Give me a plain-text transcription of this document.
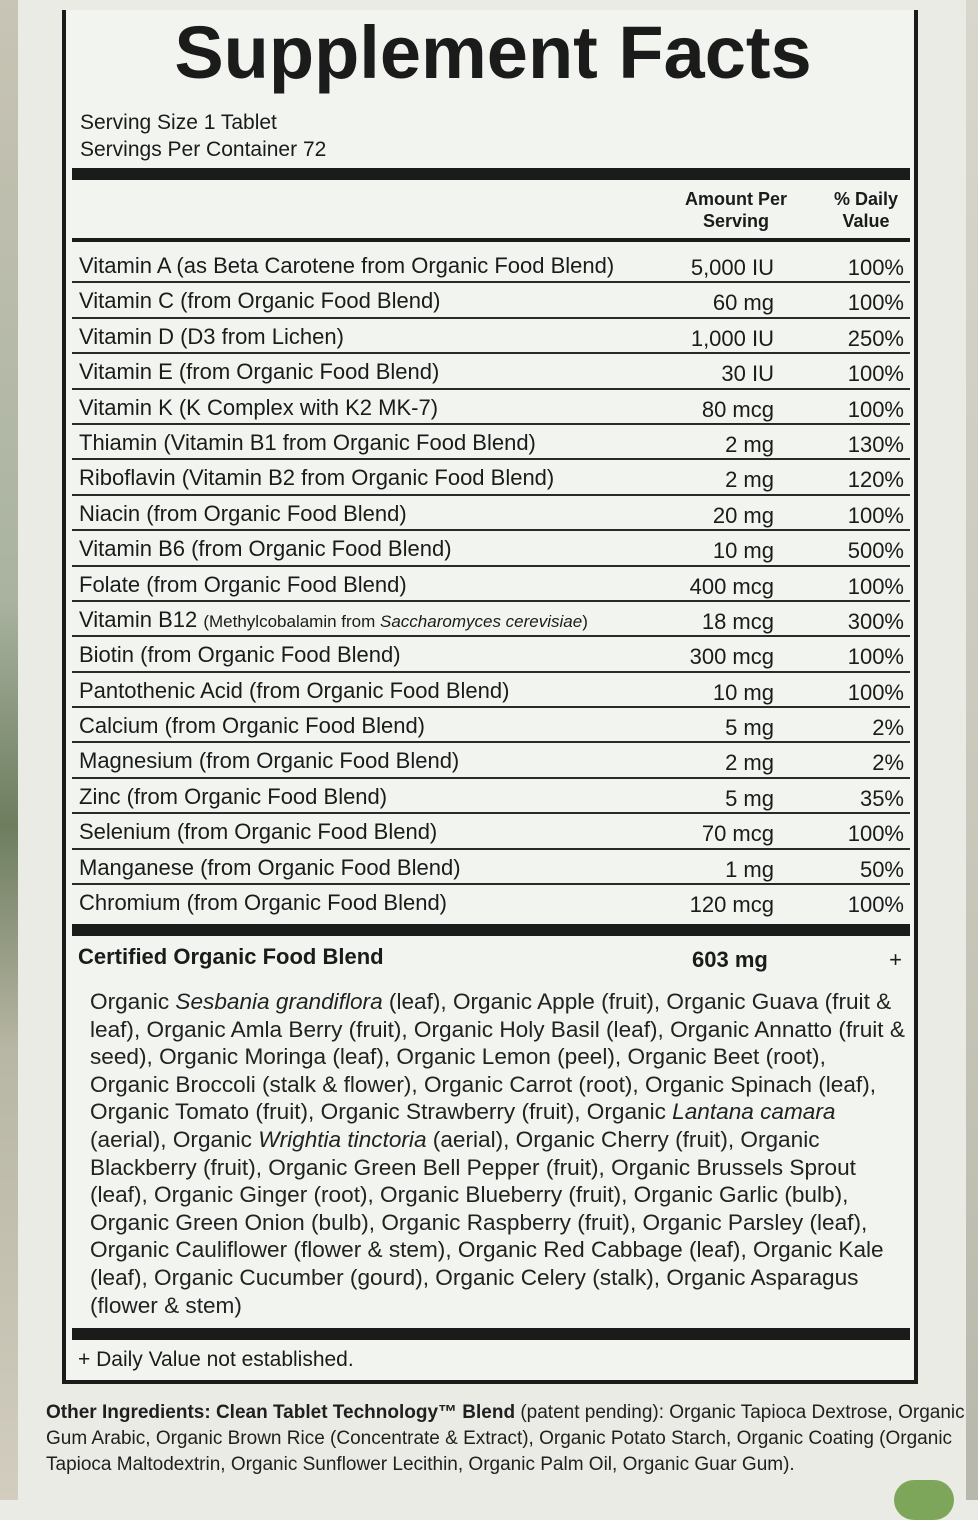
Supplement Facts
Serving Size 1 Tablet
Servings Per Container 72
Amount Per Serving
% Daily Value
Vitamin A (as Beta Carotene from Organic Food Blend)	5,000 IU	100%
Vitamin C (from Organic Food Blend)	60 mg	100%
Vitamin D (D3 from Lichen)	1,000 IU	250%
Vitamin E (from Organic Food Blend)	30 IU	100%
Vitamin K (K Complex with K2 MK-7)	80 mcg	100%
Thiamin (Vitamin B1 from Organic Food Blend)	2 mg	130%
Riboflavin (Vitamin B2 from Organic Food Blend)	2 mg	120%
Niacin (from Organic Food Blend)	20 mg	100%
Vitamin B6 (from Organic Food Blend)	10 mg	500%
Folate (from Organic Food Blend)	400 mcg	100%
Vitamin B12 (Methylcobalamin from Saccharomyces cerevisiae)	18 mcg	300%
Biotin (from Organic Food Blend)	300 mcg	100%
Pantothenic Acid (from Organic Food Blend)	10 mg	100%
Calcium (from Organic Food Blend)	5 mg	2%
Magnesium (from Organic Food Blend)	2 mg	2%
Zinc (from Organic Food Blend)	5 mg	35%
Selenium (from Organic Food Blend)	70 mcg	100%
Manganese (from Organic Food Blend)	1 mg	50%
Chromium (from Organic Food Blend)	120 mcg	100%
Certified Organic Food Blend	603 mg	+
Organic Sesbania grandiflora (leaf), Organic Apple (fruit), Organic Guava (fruit & leaf), Organic Amla Berry (fruit), Organic Holy Basil (leaf), Organic Annatto (fruit & seed), Organic Moringa (leaf), Organic Lemon (peel), Organic Beet (root), Organic Broccoli (stalk & flower), Organic Carrot (root), Organic Spinach (leaf), Organic Tomato (fruit), Organic Strawberry (fruit), Organic Lantana camara (aerial), Organic Wrightia tinctoria (aerial), Organic Cherry (fruit), Organic Blackberry (fruit), Organic Green Bell Pepper (fruit), Organic Brussels Sprout (leaf), Organic Ginger (root), Organic Blueberry (fruit), Organic Garlic (bulb), Organic Green Onion (bulb), Organic Raspberry (fruit), Organic Parsley (leaf), Organic Cauliflower (flower & stem), Organic Red Cabbage (leaf), Organic Kale (leaf), Organic Cucumber (gourd), Organic Celery (stalk), Organic Asparagus (flower & stem)
+ Daily Value not established.
Other Ingredients: Clean Tablet Technology™ Blend (patent pending): Organic Tapioca Dextrose, Organic Gum Arabic, Organic Brown Rice (Concentrate & Extract), Organic Potato Starch, Organic Coating (Organic Tapioca Maltodextrin, Organic Sunflower Lecithin, Organic Palm Oil, Organic Guar Gum).
